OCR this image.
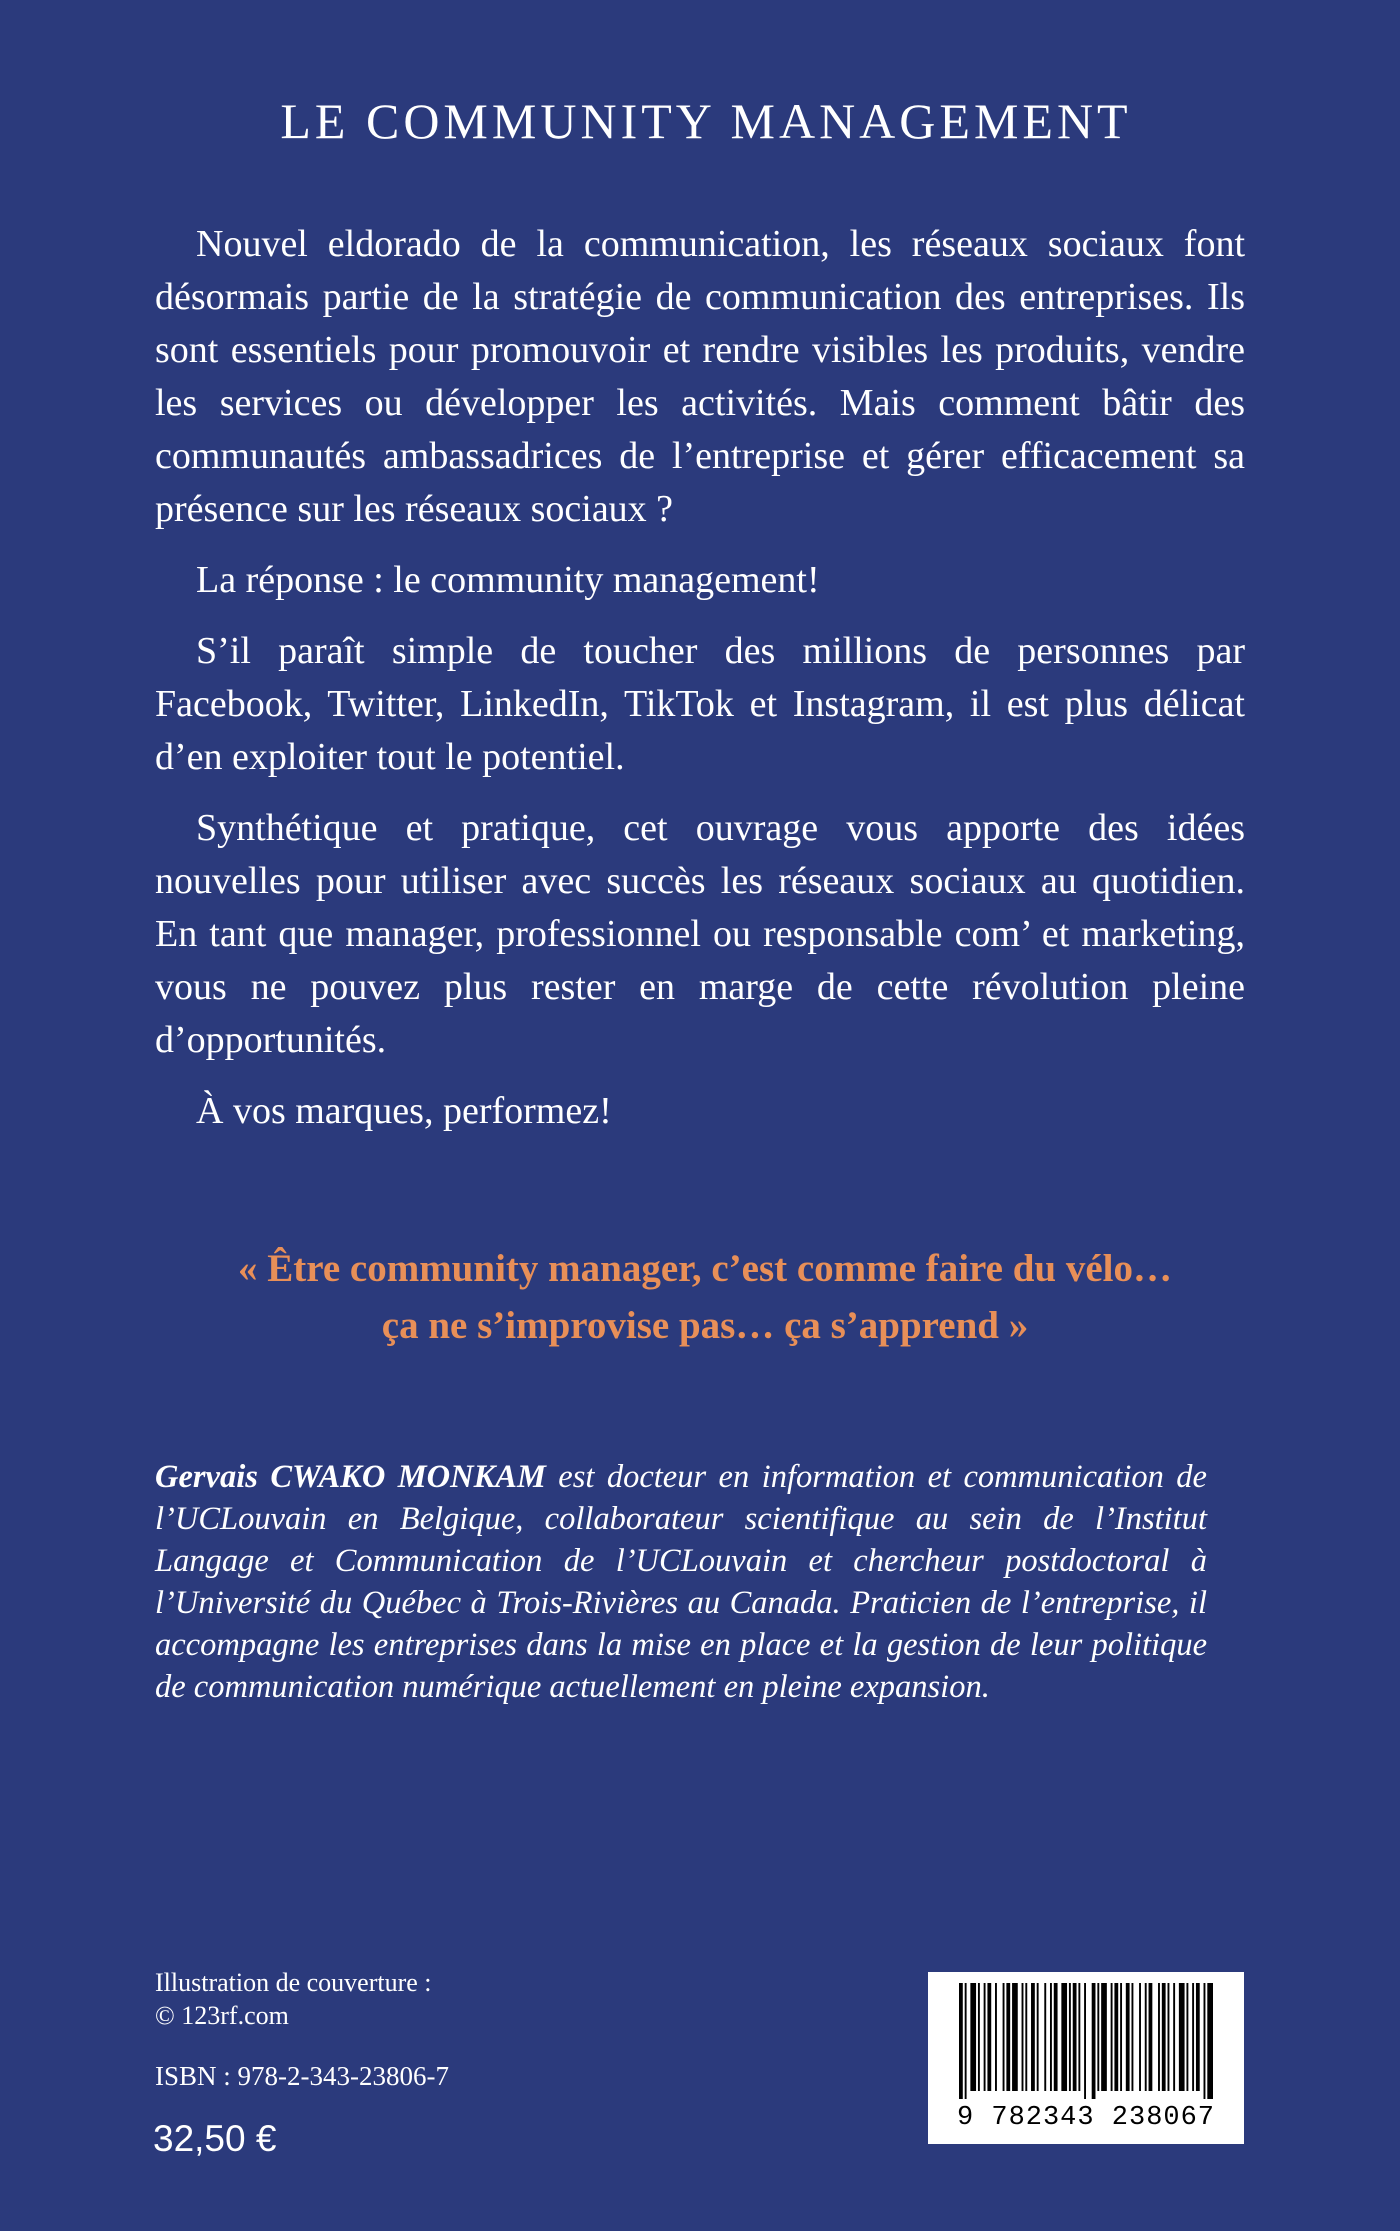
LE COMMUNITY MANAGEMENT

Nouvel eldorado de la communication, les réseaux sociaux font désormais partie de la stratégie de communication des entreprises. Ils sont essentiels pour promouvoir et rendre visibles les produits, vendre les services ou développer les activités. Mais comment bâtir des communautés ambassadrices de l’entreprise et gérer efficacement sa présence sur les réseaux sociaux ?

La réponse : le community management!

S’il paraît simple de toucher des millions de personnes par Facebook, Twitter, LinkedIn, TikTok et Instagram, il est plus délicat d’en exploiter tout le potentiel.

Synthétique et pratique, cet ouvrage vous apporte des idées nouvelles pour utiliser avec succès les réseaux sociaux au quotidien. En tant que manager, professionnel ou responsable com’ et marketing, vous ne pouvez plus rester en marge de cette révolution pleine d’opportunités.

À vos marques, performez!

« Être community manager, c’est comme faire du vélo…
ça ne s’improvise pas… ça s’apprend »
Gervais CWAKO MONKAM est docteur en information et communication de l’UCLouvain en Belgique, collaborateur scientifique au sein de l’Institut Langage et Communication de l’UCLouvain et chercheur postdoctoral à l’Université du Québec à Trois-Rivières au Canada. Praticien de l’entreprise, il accompagne les entreprises dans la mise en place et la gestion de leur politique de communication numérique actuellement en pleine expansion.
Illustration de couverture :
© 123rf.com
ISBN : 978-2-343-23806-7
32,50 €	9 782343 238067
